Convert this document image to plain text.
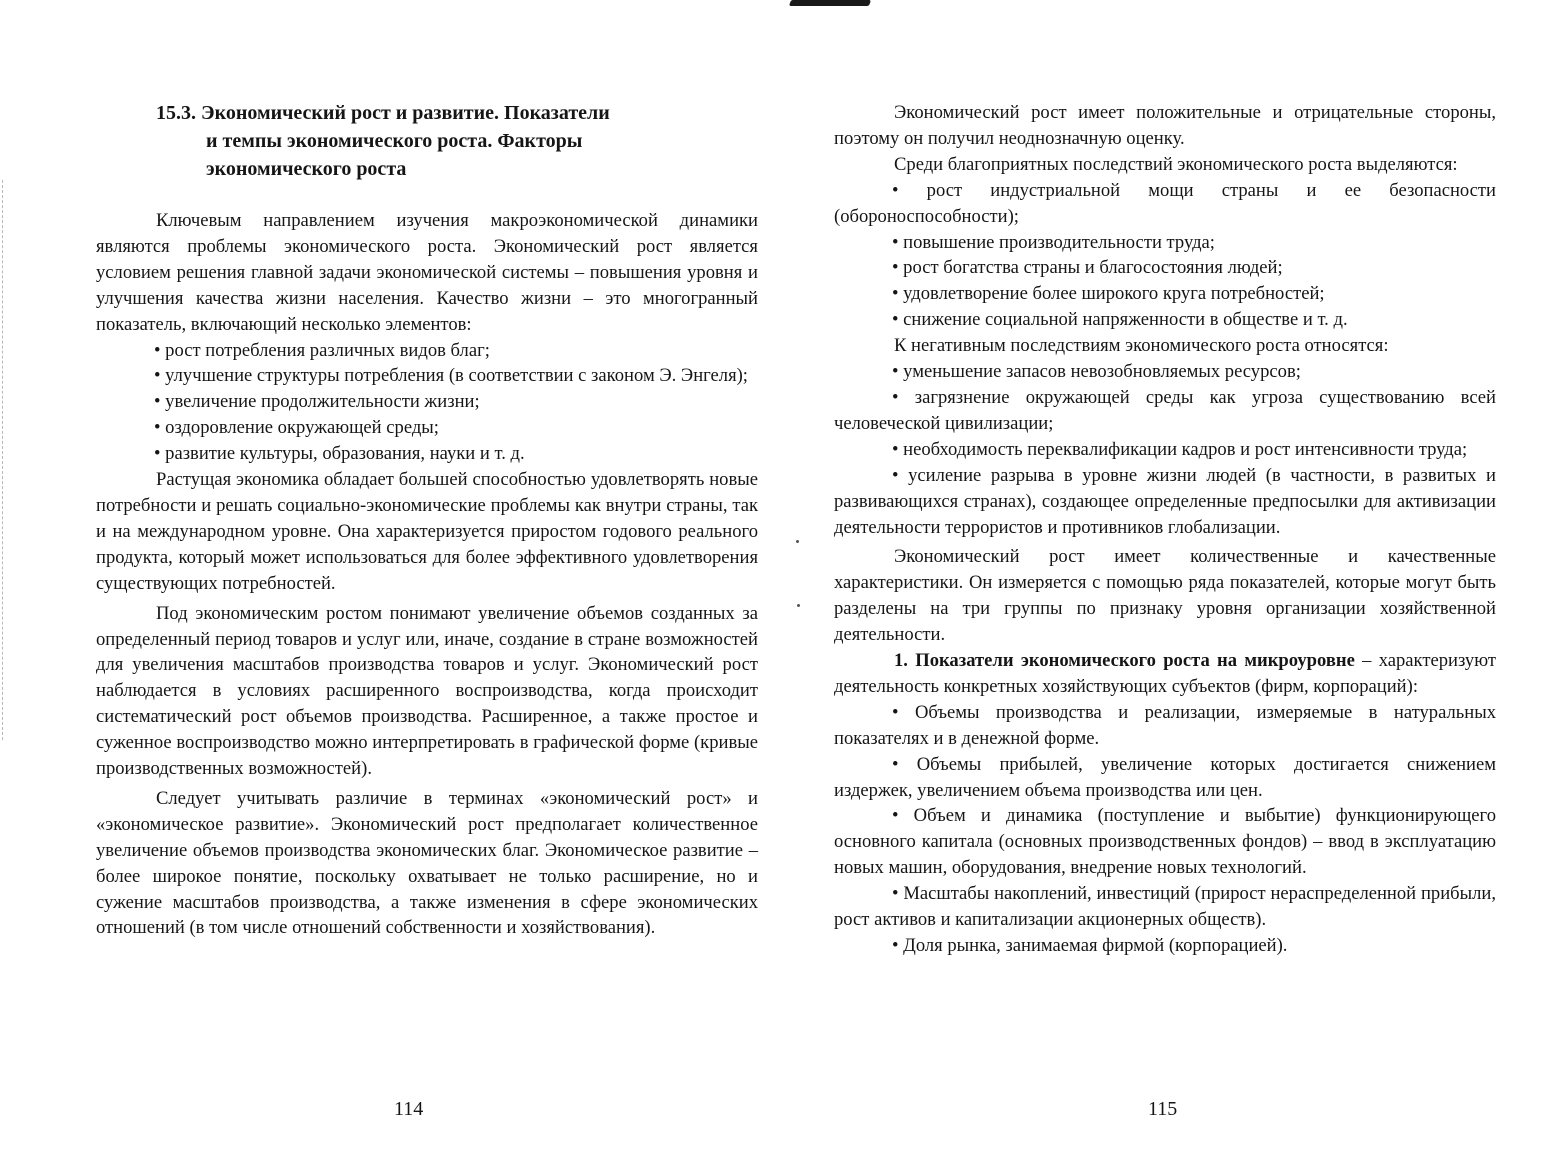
15.3. Экономический рост и развитие. Показатели
и темпы экономического роста. Факторы
экономического роста

Ключевым направлением изучения макроэкономической динамики являются проблемы экономического роста. Экономический рост является условием решения главной задачи экономической системы – повышения уровня и улучшения качества жизни населения. Качество жизни – это многогранный показатель, включающий несколько элементов:

• рост потребления различных видов благ;

• улучшение структуры потребления (в соответствии с законом Э. Энгеля);

• увеличение продолжительности жизни;

• оздоровление окружающей среды;

• развитие культуры, образования, науки и т. д.

Растущая экономика обладает большей способностью удовлетворять новые потребности и решать социально-экономические проблемы как внутри страны, так и на международном уровне. Она характеризуется приростом годового реального продукта, который может использоваться для более эффективного удовлетворения существующих потребностей.

Под экономическим ростом понимают увеличение объемов созданных за определенный период товаров и услуг или, иначе, создание в стране возможностей для увеличения масштабов производства товаров и услуг. Экономический рост наблюдается в условиях расширенного воспроизводства, когда происходит систематический рост объемов производства. Расширенное, а также простое и суженное воспроизводство можно интерпретировать в графической форме (кривые производственных возможностей).

Следует учитывать различие в терминах «экономический рост» и «экономическое развитие». Экономический рост предполагает количественное увеличение объемов производства экономических благ. Экономическое развитие – более широкое понятие, поскольку охватывает не только расширение, но и сужение масштабов производства, а также изменения в сфере экономических отношений (в том числе отношений собственности и хозяйствования).

114

Экономический рост имеет положительные и отрицательные стороны, поэтому он получил неоднозначную оценку.

Среди благоприятных последствий экономического роста выделяются:

• рост индустриальной мощи страны и ее безопасности (обороноспособности);

• повышение производительности труда;

• рост богатства страны и благосостояния людей;

• удовлетворение более широкого круга потребностей;

• снижение социальной напряженности в обществе и т. д.

К негативным последствиям экономического роста относятся:

• уменьшение запасов невозобновляемых ресурсов;

• загрязнение окружающей среды как угроза существованию всей человеческой цивилизации;

• необходимость переквалификации кадров и рост интенсивности труда;

• усиление разрыва в уровне жизни людей (в частности, в развитых и развивающихся странах), создающее определенные предпосылки для активизации деятельности террористов и противников глобализации.

Экономический рост имеет количественные и качественные характеристики. Он измеряется с помощью ряда показателей, которые могут быть разделены на три группы по признаку уровня организации хозяйственной деятельности.

1. Показатели экономического роста на микроуровне – характеризуют деятельность конкретных хозяйствующих субъектов (фирм, корпораций):

• Объемы производства и реализации, измеряемые в натуральных показателях и в денежной форме.

• Объемы прибылей, увеличение которых достигается снижением издержек, увеличением объема производства или цен.

• Объем и динамика (поступление и выбытие) функционирующего основного капитала (основных производственных фондов) – ввод в эксплуатацию новых машин, оборудования, внедрение новых технологий.

• Масштабы накоплений, инвестиций (прирост нераспределенной прибыли, рост активов и капитализации акционерных обществ).

• Доля рынка, занимаемая фирмой (корпорацией).

115
